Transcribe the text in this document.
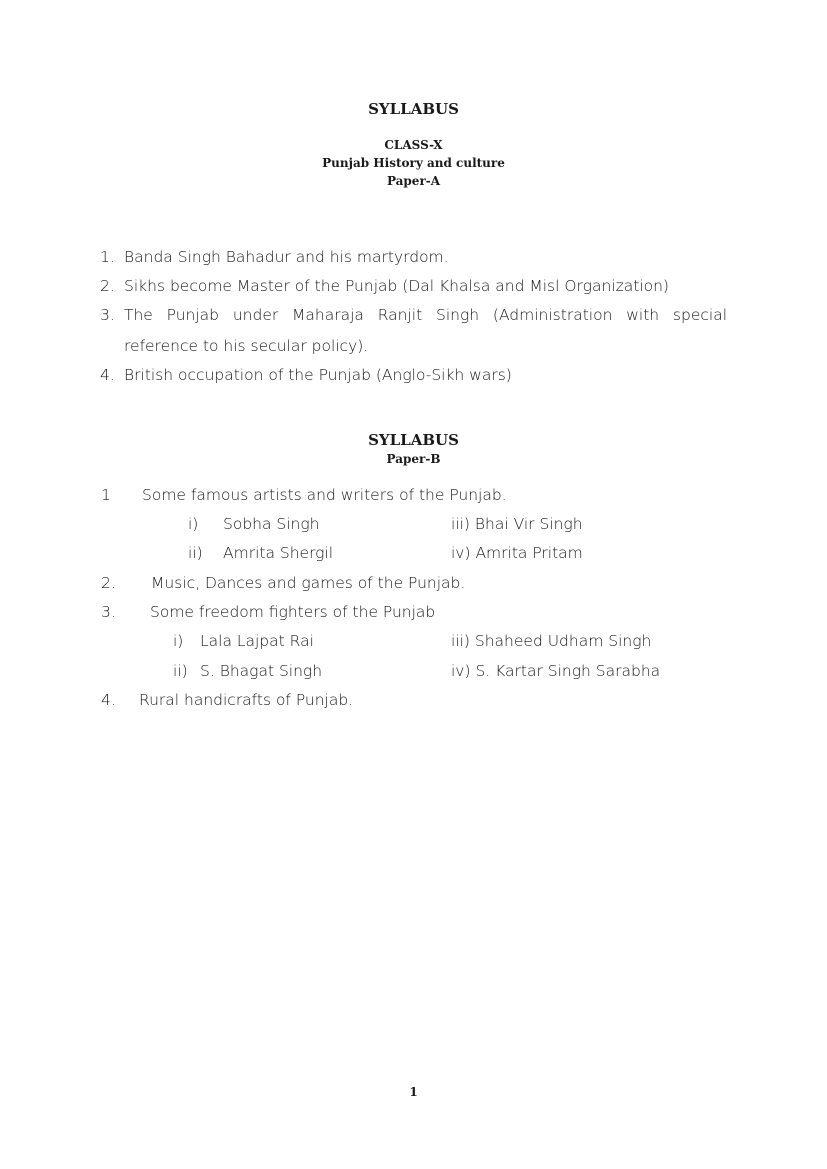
SYLLABUS
CLASS-X
Punjab History and culture
Paper-A
1. Banda Singh Bahadur and his martyrdom.
2. Sikhs become Master of the Punjab (Dal Khalsa and Misl Organization)
3. The Punjab under Maharaja Ranjit Singh (Administration with special
reference to his secular policy).
4. British occupation of the Punjab (Anglo-Sikh wars)
SYLLABUS
Paper-B
1 Some famous artists and writers of the Punjab.
i) Sobha Singh	iii) Bhai Vir Singh
ii) Amrita Shergil	iv) Amrita Pritam
2. Music, Dances and games of the Punjab.
3. Some freedom fighters of the Punjab
i) Lala Lajpat Rai	iii) Shaheed Udham Singh
ii) S. Bhagat Singh	iv) S. Kartar Singh Sarabha
4. Rural handicrafts of Punjab.
1
